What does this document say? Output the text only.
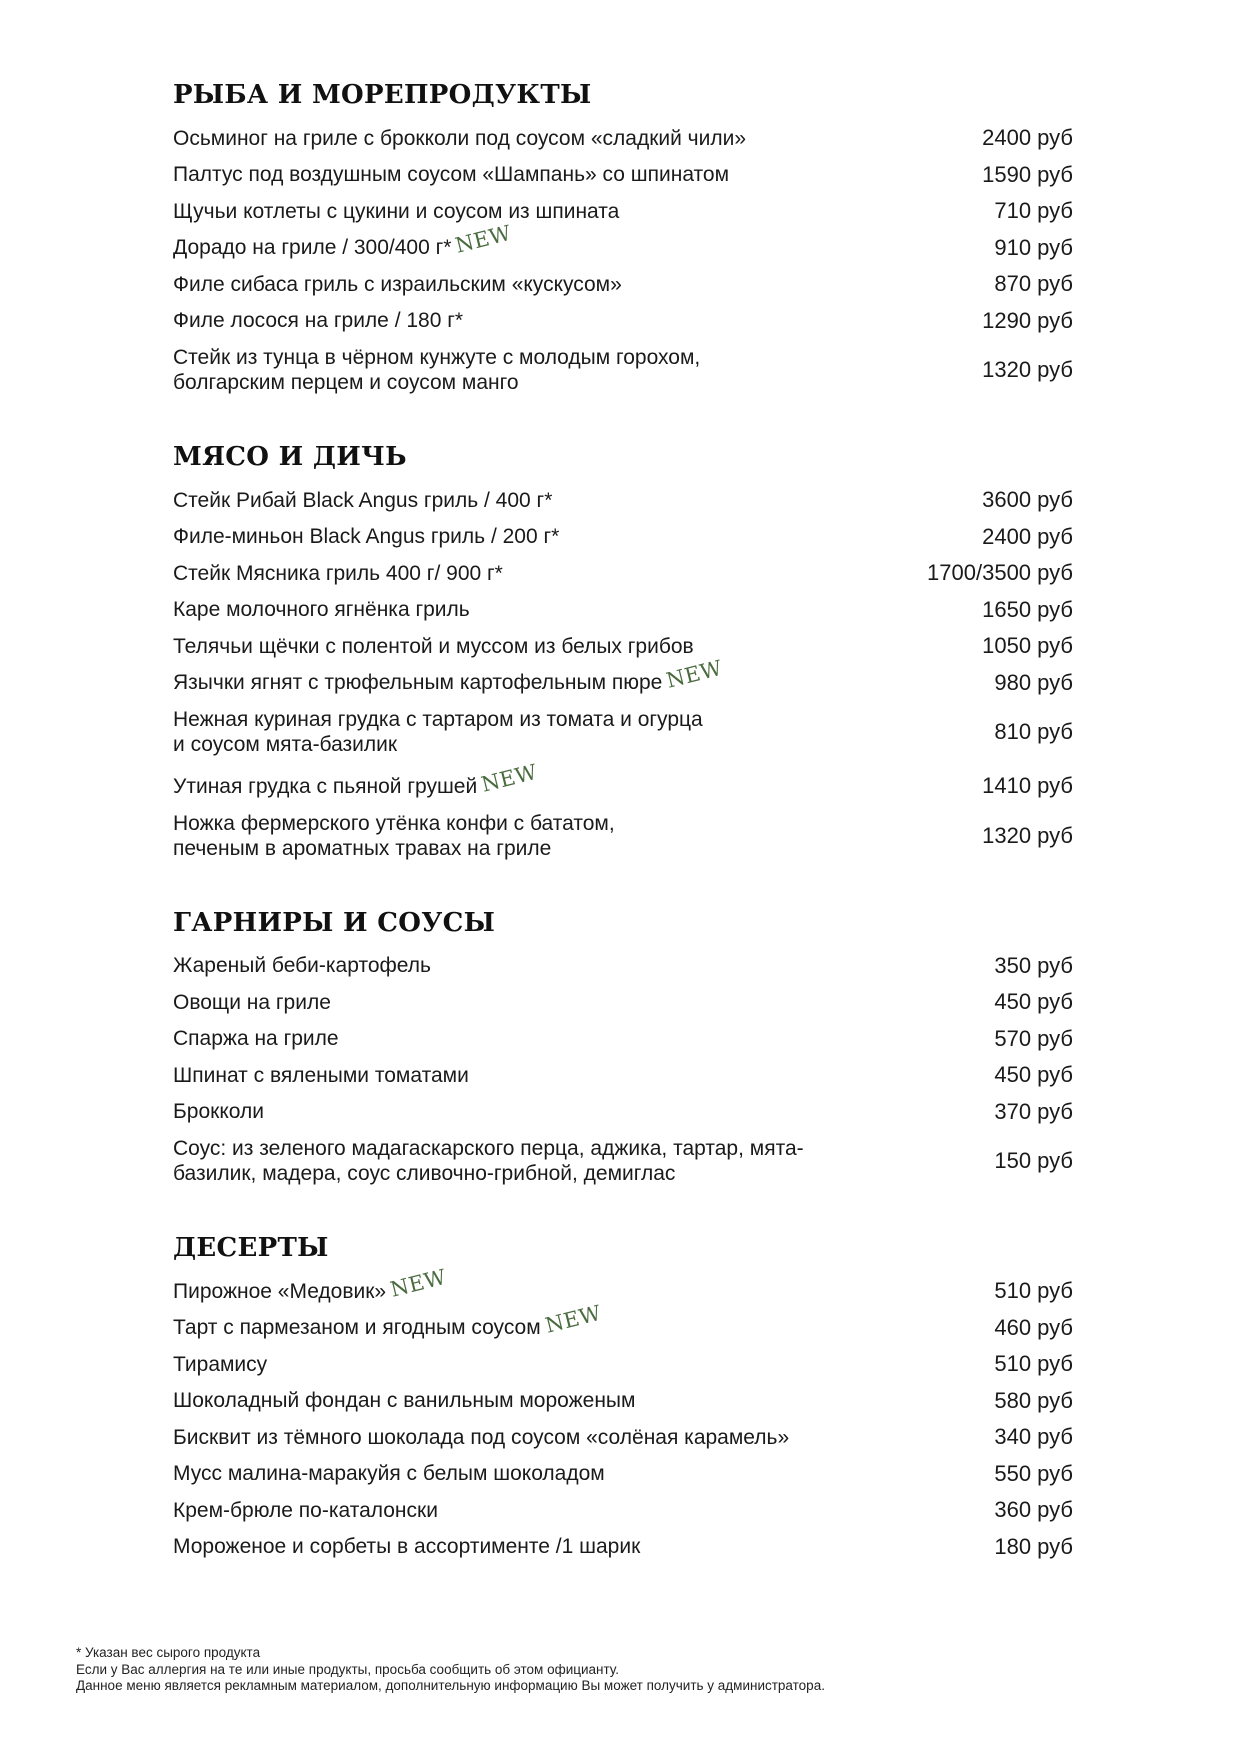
РЫБА И МОРЕПРОДУКТЫ
Осьминог на гриле с брокколи под соусом «сладкий чили»	2400 руб
Палтус под воздушным соусом «Шампань» со шпинатом	1590 руб
Щучьи котлеты с цукини и соусом из шпината	710 руб
Дорадо на гриле / 300/400 г*NEW	910 руб
Филе сибаса гриль с израильским «кускусом»	870 руб
Филе лосося на гриле / 180 г*	1290 руб
Стейк из тунца в чёрном кунжуте с молодым горохом,
болгарским перцем и соусом манго
1320 руб
МЯСО И ДИЧЬ
Стейк Рибай Black Angus гриль / 400 г*	3600 руб
Филе-миньон Black Angus гриль / 200 г*	2400 руб
Стейк Мясника гриль 400 г/ 900 г*	1700/3500 руб
Каре молочного ягнёнка гриль	1650 руб
Телячьи щёчки с полентой и муссом из белых грибов	1050 руб
Язычки ягнят с трюфельным картофельным пюреNEW	980 руб
Нежная куриная грудка с тартаром из томата и огурца
и соусом мята-базилик
810 руб
Утиная грудка с пьяной грушейNEW	1410 руб
Ножка фермерского утёнка конфи с бататом,
печеным в ароматных травах на гриле
1320 руб
ГАРНИРЫ И СОУСЫ
Жареный беби-картофель	350 руб
Овощи на гриле	450 руб
Спаржа на гриле	570 руб
Шпинат с вялеными томатами	450 руб
Брокколи	370 руб
Соус: из зеленого мадагаскарского перца, аджика, тартар, мята-
базилик, мадера, соус сливочно-грибной, демиглас
150 руб
ДЕСЕРТЫ
Пирожное «Медовик»NEW	510 руб
Тарт с пармезаном и ягодным соусомNEW	460 руб
Тирамису	510 руб
Шоколадный фондан с ванильным мороженым	580 руб
Бисквит из тёмного шоколада под соусом «солёная карамель»	340 руб
Мусс малина-маракуйя с белым шоколадом	550 руб
Крем-брюле по-каталонски	360 руб
Мороженое и сорбеты в ассортименте /1 шарик	180 руб
* Указан вес сырого продукта
Если у Вас аллергия на те или иные продукты, просьба сообщить об этом официанту.
Данное меню является рекламным материалом, дополнительную информацию Вы может получить у администратора.
